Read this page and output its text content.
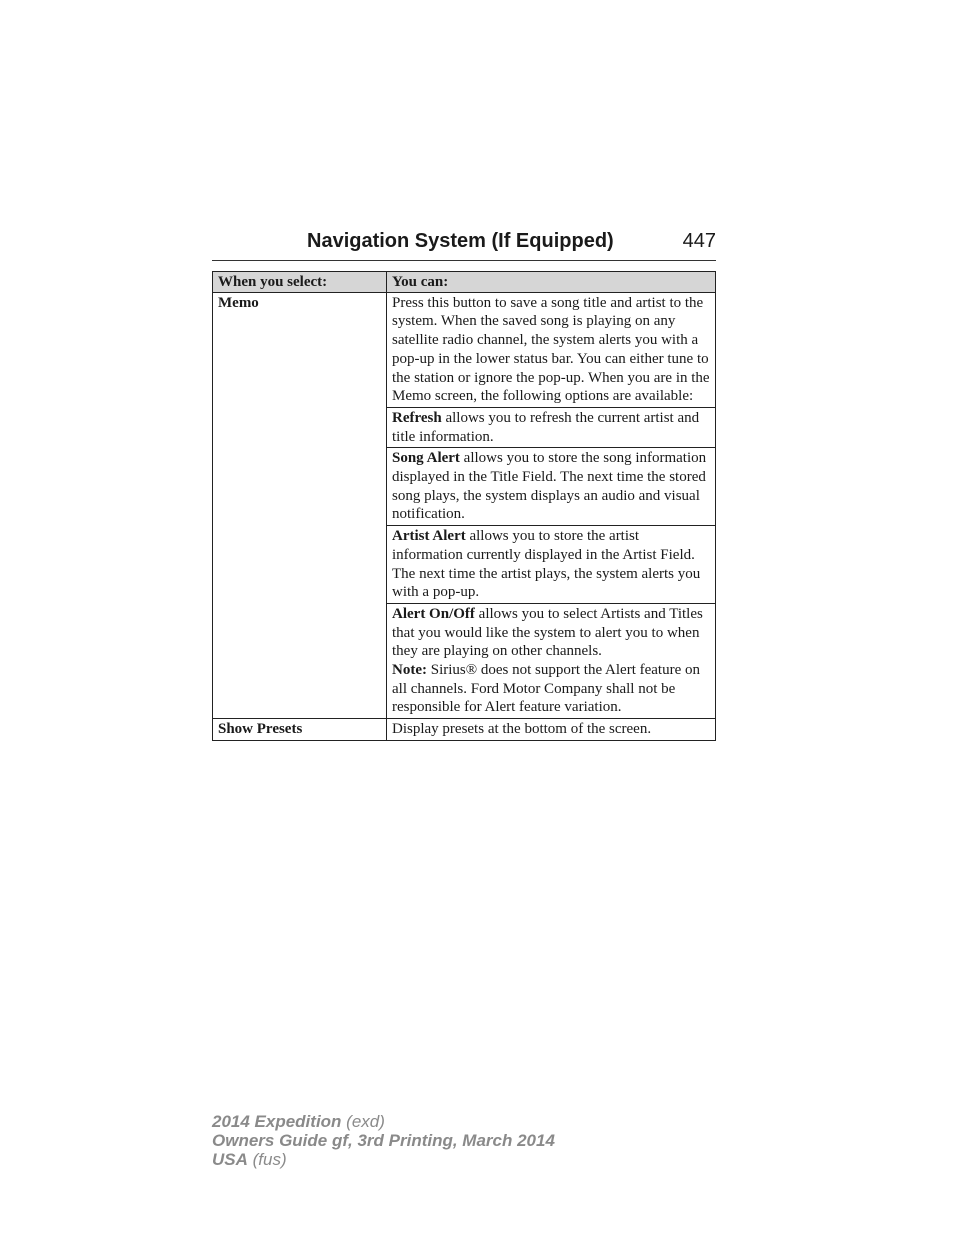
Navigation System (If Equipped)	447
When you select:	You can:
Memo	Press this button to save a song title and artist to the system. When the saved song is playing on any satellite radio channel, the system alerts you with a pop-up in the lower status bar. You can either tune to the station or ignore the pop-up. When you are in the Memo screen, the following options are available:
	Refresh allows you to refresh the current artist and title information.
	Song Alert allows you to store the song information displayed in the Title Field. The next time the stored song plays, the system displays an audio and visual notification.
	Artist Alert allows you to store the artist information currently displayed in the Artist Field. The next time the artist plays, the system alerts you with a pop-up.
	Alert On/Off allows you to select Artists and Titles that you would like the system to alert you to when they are playing on other channels.
Note: Sirius® does not support the Alert feature on all channels. Ford Motor Company shall not be responsible for Alert feature variation.
Show Presets	Display presets at the bottom of the screen.
2014 Expedition (exd)
Owners Guide gf, 3rd Printing, March 2014
USA (fus)
